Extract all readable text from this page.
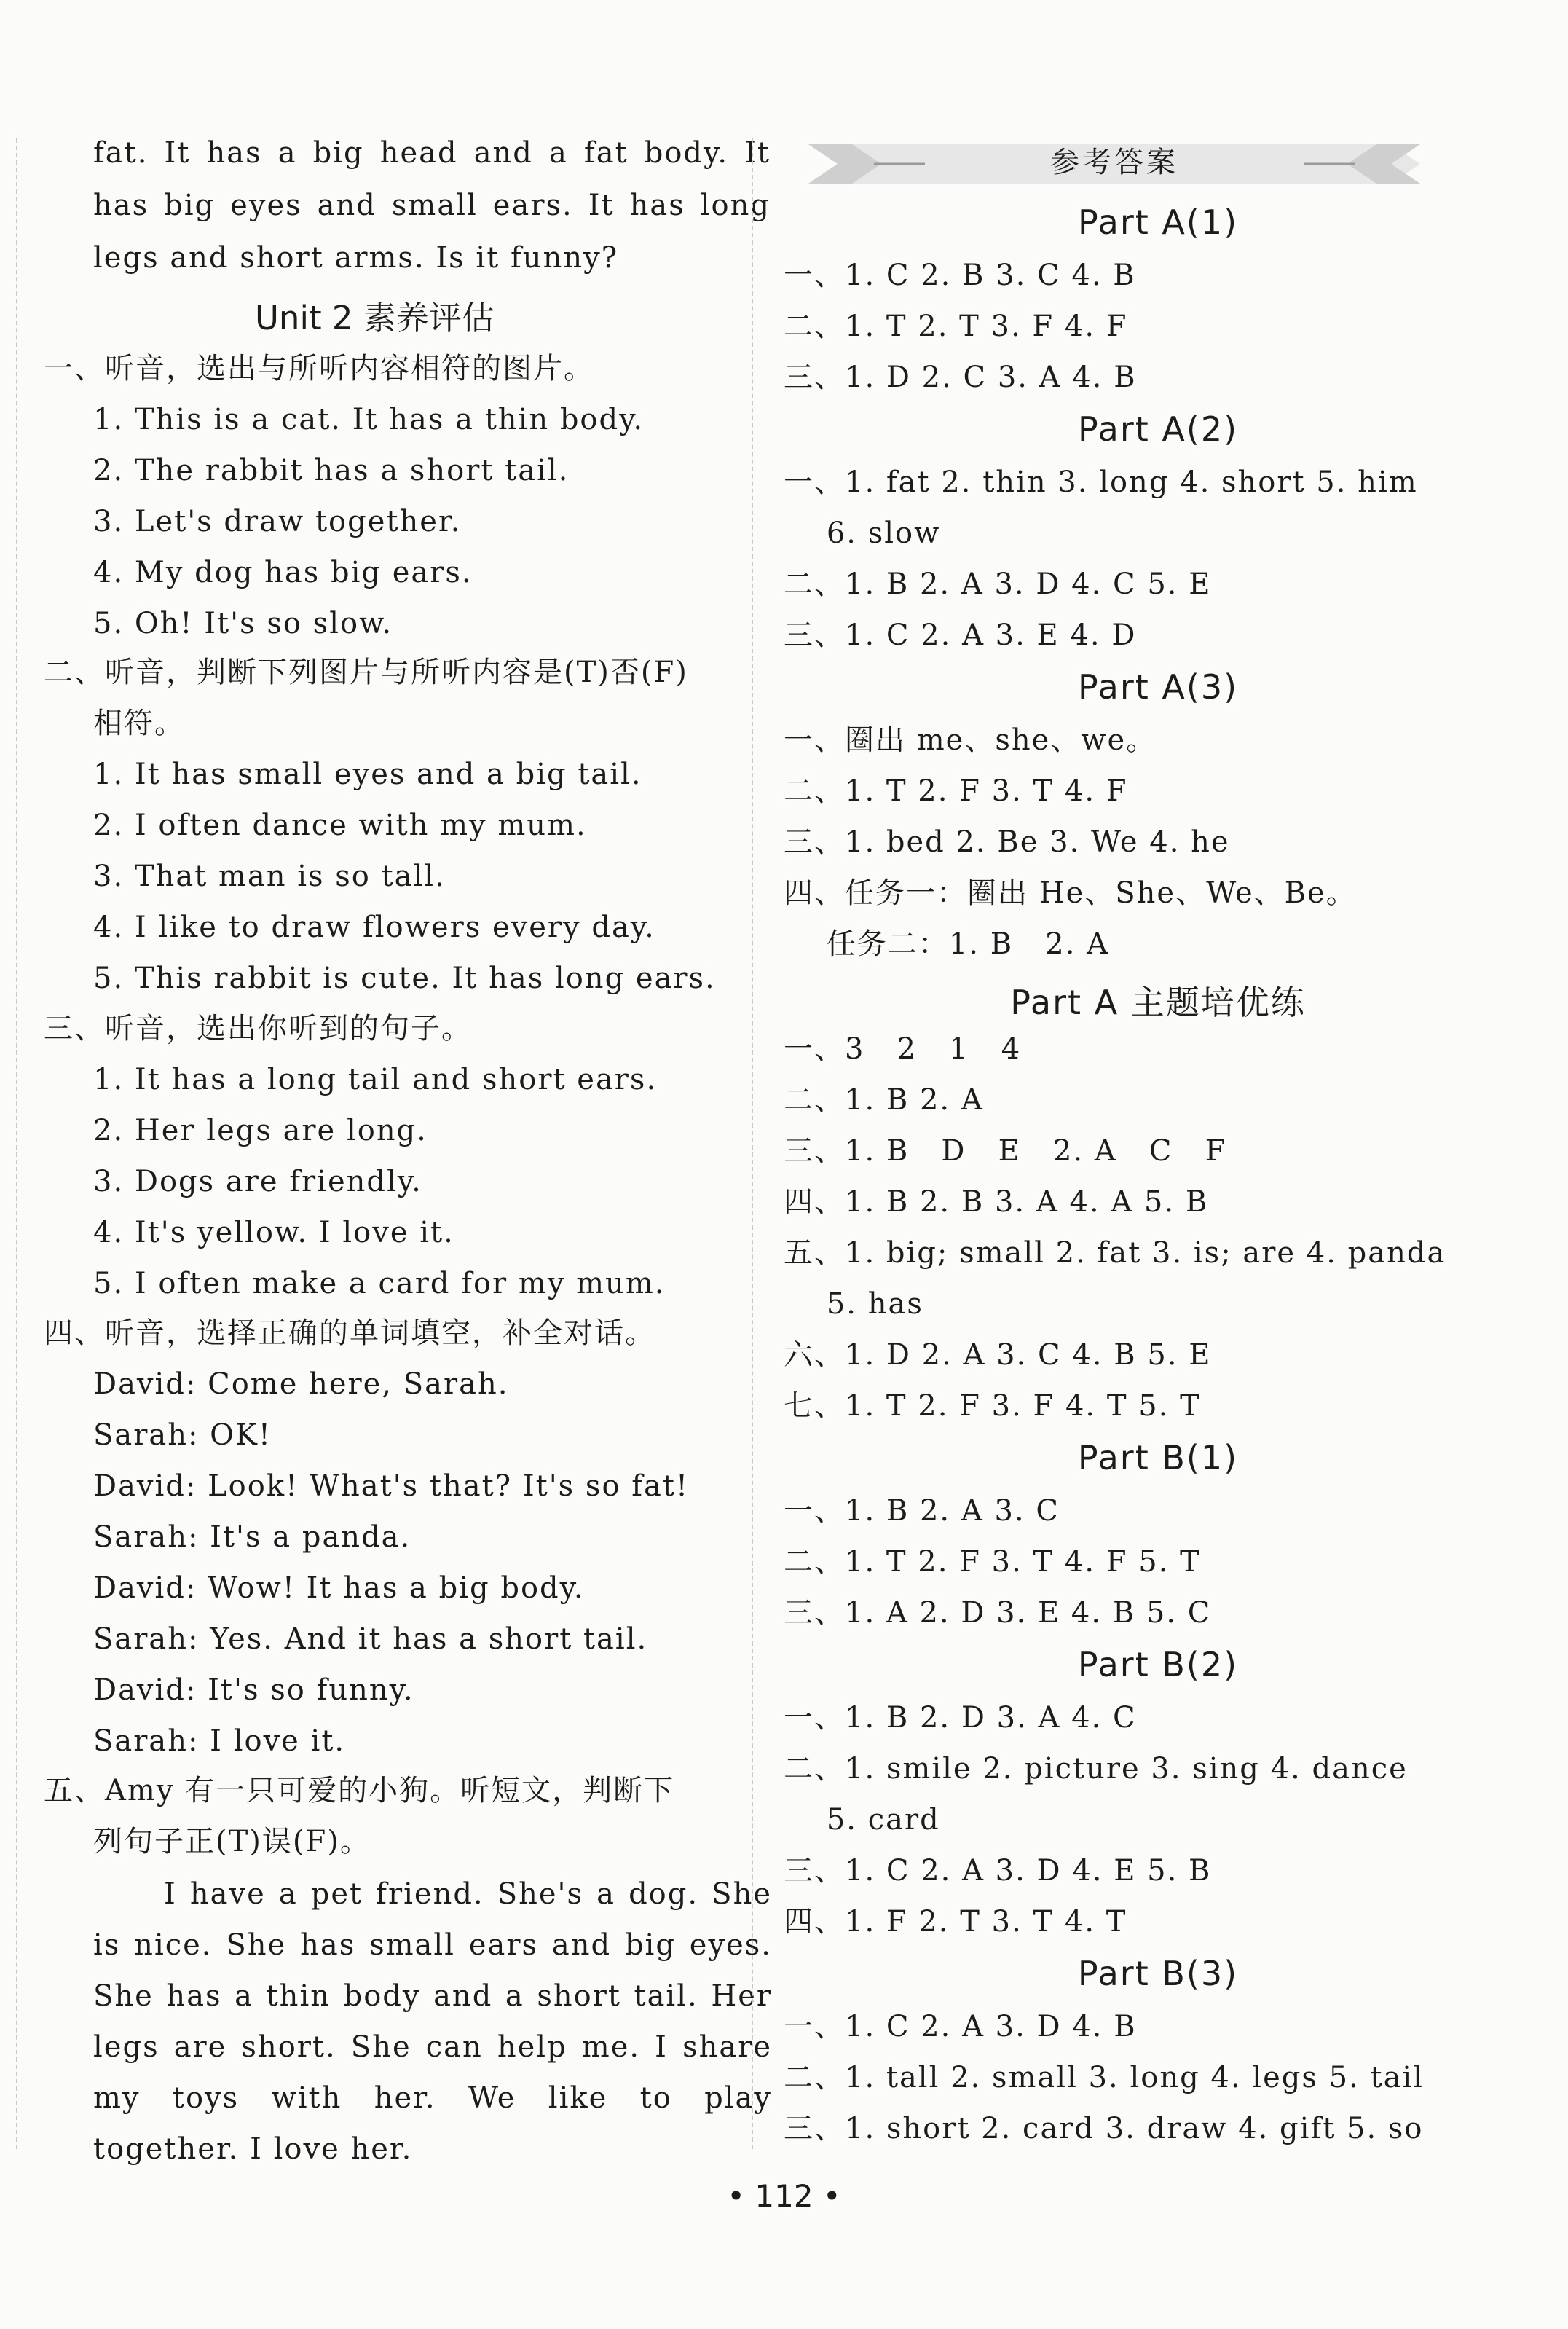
fat. It has a big head and a fat body. It
has big eyes and small ears. It has long
legs and short arms. Is it funny?
Unit 2 素养评估
一、听音，选出与所听内容相符的图片。
1. This is a cat. It has a thin body.
2. The rabbit has a short tail.
3. Let's draw together.
4. My dog has big ears.
5. Oh! It's so slow.
二、听音，判断下列图片与所听内容是(T)否(F)
相符。
1. It has small eyes and a big tail.
2. I often dance with my mum.
3. That man is so tall.
4. I like to draw flowers every day.
5. This rabbit is cute. It has long ears.
三、听音，选出你听到的句子。
1. It has a long tail and short ears.
2. Her legs are long.
3. Dogs are friendly.
4. It's yellow. I love it.
5. I often make a card for my mum.
四、听音，选择正确的单词填空，补全对话。
David: Come here, Sarah.
Sarah: OK!
David: Look! What's that? It's so fat!
Sarah: It's a panda.
David: Wow! It has a big body.
Sarah: Yes. And it has a short tail.
David: It's so funny.
Sarah: I love it.
五、Amy 有一只可爱的小狗。听短文，判断下
列句子正(T)误(F)。
I have a pet friend. She's a dog. She
is nice. She has small ears and big eyes.
She has a thin body and a short tail. Her
legs are short. She can help me. I share
my toys with her. We like to play
together. I love her.
参考答案
Part A(1)
一、1. C 2. B 3. C 4. B
二、1. T 2. T 3. F 4. F
三、1. D 2. C 3. A 4. B
Part A(2)
一、1. fat 2. thin 3. long 4. short 5. him
6. slow
二、1. B 2. A 3. D 4. C 5. E
三、1. C 2. A 3. E 4. D
Part A(3)
一、圈出 me、she、we。
二、1. T 2. F 3. T 4. F
三、1. bed 2. Be 3. We 4. he
四、任务一：圈出 He、She、We、Be。
任务二：1. B   2. A
Part A 主题培优练
一、3   2   1   4
二、1. B 2. A
三、1. B   D   E   2. A   C   F
四、1. B 2. B 3. A 4. A 5. B
五、1. big; small 2. fat 3. is; are 4. panda
5. has
六、1. D 2. A 3. C 4. B 5. E
七、1. T 2. F 3. F 4. T 5. T
Part B(1)
一、1. B 2. A 3. C
二、1. T 2. F 3. T 4. F 5. T
三、1. A 2. D 3. E 4. B 5. C
Part B(2)
一、1. B 2. D 3. A 4. C
二、1. smile 2. picture 3. sing 4. dance
5. card
三、1. C 2. A 3. D 4. E 5. B
四、1. F 2. T 3. T 4. T
Part B(3)
一、1. C 2. A 3. D 4. B
二、1. tall 2. small 3. long 4. legs 5. tail
三、1. short 2. card 3. draw 4. gift 5. so
• 112 •
